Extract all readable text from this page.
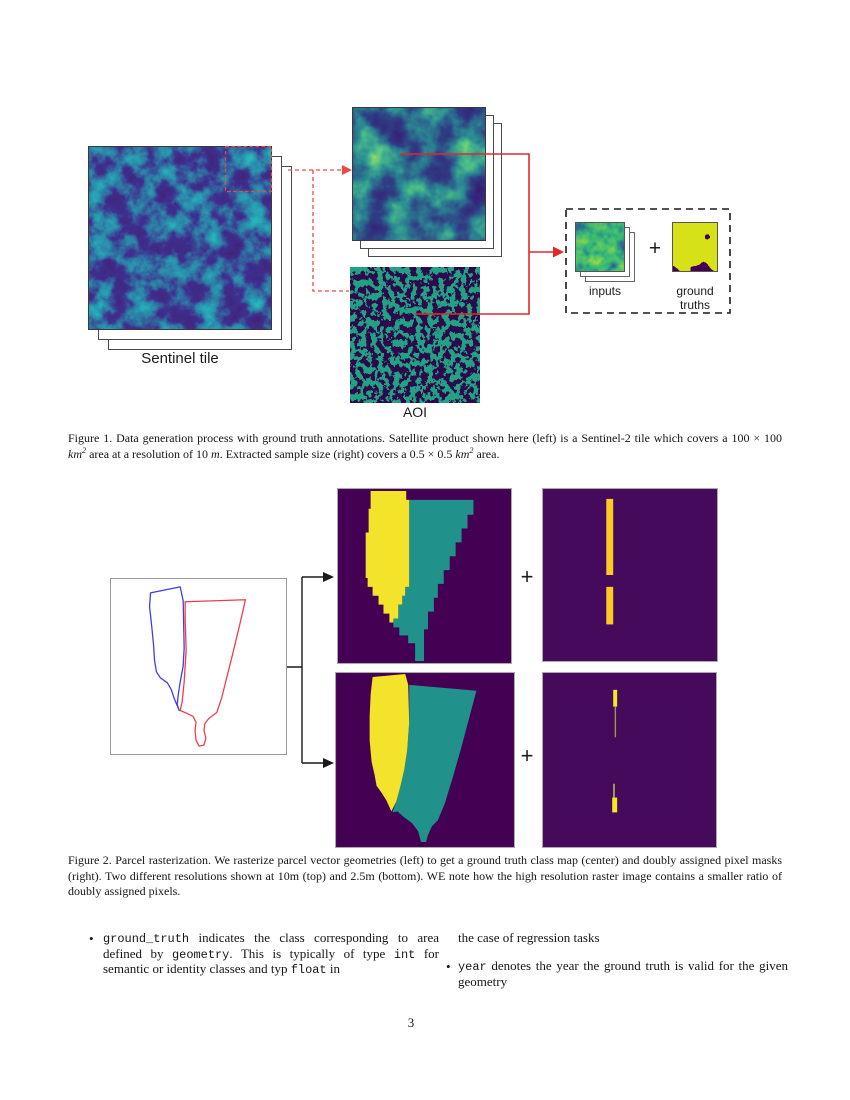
Sentinel tile
AOI
inputs
+
ground truths
Figure 1. Data generation process with ground truth annotations. Satellite product shown here (left) is a Sentinel-2 tile which covers a 100 × 100 $km^2$ area at a resolution of 10 m. Extracted sample size (right) covers a 0.5 × 0.5 $km^2$ area.
+
+
Figure 2. Parcel rasterization. We rasterize parcel vector geometries (left) to get a ground truth class map (center) and doubly assigned pixel masks (right). Two different resolutions shown at 10m (top) and 2.5m (bottom). WE note how the high resolution raster image contains a smaller ratio of doubly assigned pixels.
• ground_truth indicates the class corresponding to area defined by geometry. This is typically of type int for semantic or identity classes and typ float in
the case of regression tasks
• year denotes the year the ground truth is valid for the given geometry
3
